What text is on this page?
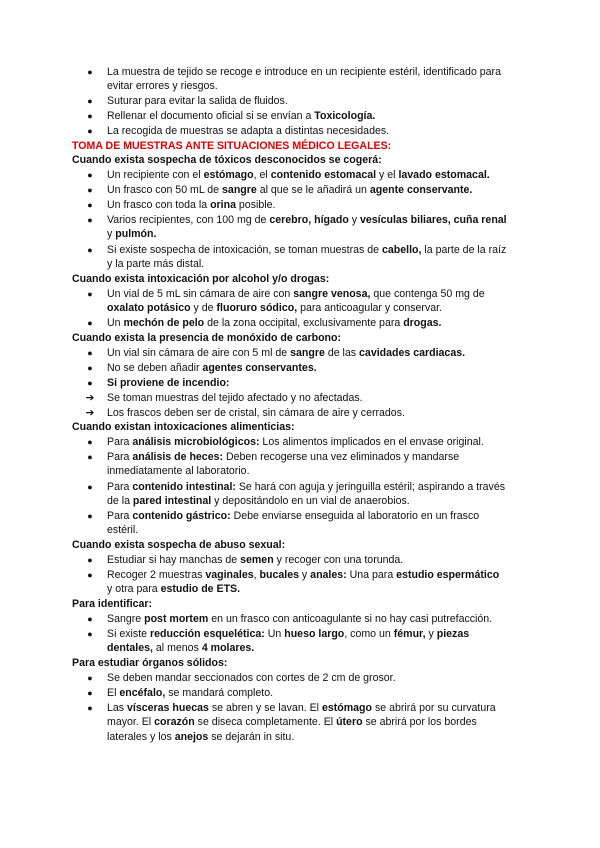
● La muestra de tejido se recoge e introduce en un recipiente estéril, identificado para
evitar errores y riesgos.
● Suturar para evitar la salida de fluidos.
● Rellenar el documento oficial si se envían a Toxicología.
● La recogida de muestras se adapta a distintas necesidades.
TOMA DE MUESTRAS ANTE SITUACIONES MÉDICO LEGALES:
Cuando exista sospecha de tóxicos desconocidos se cogerá:
● Un recipiente con el estómago, el contenido estomacal y el lavado estomacal.
● Un frasco con 50 mL de sangre al que se le añadirá un agente conservante.
● Un frasco con toda la orina posible.
● Varios recipientes, con 100 mg de cerebro, hígado y vesículas biliares, cuña renal
y pulmón.
● Si existe sospecha de intoxicación, se toman muestras de cabello, la parte de la raíz
y la parte más distal.
Cuando exista intoxicación por alcohol y/o drogas:
● Un vial de 5 mL sin cámara de aire con sangre venosa, que contenga 50 mg de
oxalato potásico y de fluoruro sódico, para anticoagular y conservar.
● Un mechón de pelo de la zona occipital, exclusivamente para drogas.
Cuando exista la presencia de monóxido de carbono:
● Un vial sin cámara de aire con 5 ml de sangre de las cavidades cardiacas.
● No se deben añadir agentes conservantes.
● Si proviene de incendio:
➔ Se toman muestras del tejido afectado y no afectadas.
➔ Los frascos deben ser de cristal, sin cámara de aire y cerrados.
Cuando existan intoxicaciones alimenticias:
● Para análisis microbiológicos: Los alimentos implicados en el envase original.
● Para análisis de heces: Deben recogerse una vez eliminados y mandarse
inmediatamente al laboratorio.
● Para contenido intestinal: Se hará con aguja y jeringuilla estéril; aspirando a través
de la pared intestinal y depositándolo en un vial de anaerobios.
● Para contenido gástrico: Debe enviarse enseguida al laboratorio en un frasco
estéril.
Cuando exista sospecha de abuso sexual:
● Estudiar si hay manchas de semen y recoger con una torunda.
● Recoger 2 muestras vaginales, bucales y anales: Una para estudio espermático
y otra para estudio de ETS.
Para identificar:
● Sangre post mortem en un frasco con anticoagulante si no hay casi putrefacción.
● Si existe reducción esquelética: Un hueso largo, como un fémur, y piezas
dentales, al menos 4 molares.
Para estudiar órganos sólidos:
● Se deben mandar seccionados con cortes de 2 cm de grosor.
● El encéfalo, se mandará completo.
● Las vísceras huecas se abren y se lavan. El estómago se abrirá por su curvatura
mayor. El corazón se diseca completamente. El útero se abrirá por los bordes
laterales y los anejos se dejarán in situ.
